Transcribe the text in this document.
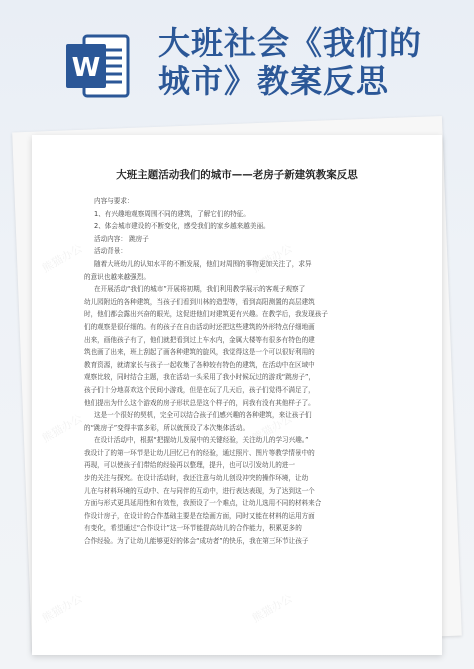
W
大班社会《我们的
城市》教案反思
大班主题活动我们的城市——老房子新建筑教案反思

内容与要求：

1、有兴趣地观察周围不同的建筑，了解它们的特征。

2、体会城市建设的不断变化，感受我们的家乡越来越美丽。

活动内容： 跳房子

活动背景：

随着大班幼儿的认知水平的不断发展，他们对周围的事物更加关注了，求异

的意识也越来越强烈。

在开展活动“我们的城市”开展将初期，我们利用教学展示的客观子观察了

幼儿园附近的各种建筑，当孩子们看到川林的造型等，看到高阳测置的高层建筑

时，他们都会露出兴奋的眼光，这促进他们对建筑更有兴趣。在教学后，我发现孩子

们的观察是很仔细的。有的孩子在自由活动时还把这些建筑的外形特点仔细地画

出来，画他孩子有了，他们就把看到过上车水内，金属大楼等有很多有特色的建

筑也画了出来，班上刮起了画各种建筑的旋风，我觉得这是一个可以很好利用的

教育资源，就请家长与孩子一起收集了各种较有特色的建筑，在活动中在区域中

观察比较，同时结合主题，我在活动一头采用了我小时候玩过的游戏“跳房子”，

孩子们十分地喜欢这个民间小游戏，但是在玩了几天后，孩子们觉得不满足了，

他们提出为什么这个游戏的房子形状总是这个样子的，问我有没有其他样子了。

这是一个很好的契机，完全可以结合孩子们感兴趣的各种建筑，来让孩子们

的“跳房子”变得丰富多彩，所以就预设了本次集体活动。

在设计活动中，根据“把握幼儿发展中的关键经验，关注幼儿的学习兴趣。”

我设计了的第一环节是让幼儿回忆已有的经验，通过照片、图片等教学情景中的

再现，可以使孩子们带给的经验再以整理，提升，也可以引发幼儿的进一

步的关注与探究。在设计活动时，我还注意与幼儿创设冲突的操作环境，让幼

儿在与材料环境的互动中、在与同伴的互动中，进行表达表现，为了达到这一个

方面与形式更具延用性和有效性，我预设了一个难点，让幼儿选用不同的材料来合

作设计房子，在设计的合作基础主要是在绘画方面，同时又能在材料的运用方面

有变化，希望通过“合作设计”这一环节能提高幼儿的合作能力，积累更多的

合作经验。为了让幼儿能够更好的体会“成功者”的快乐，我在第三环节让孩子
